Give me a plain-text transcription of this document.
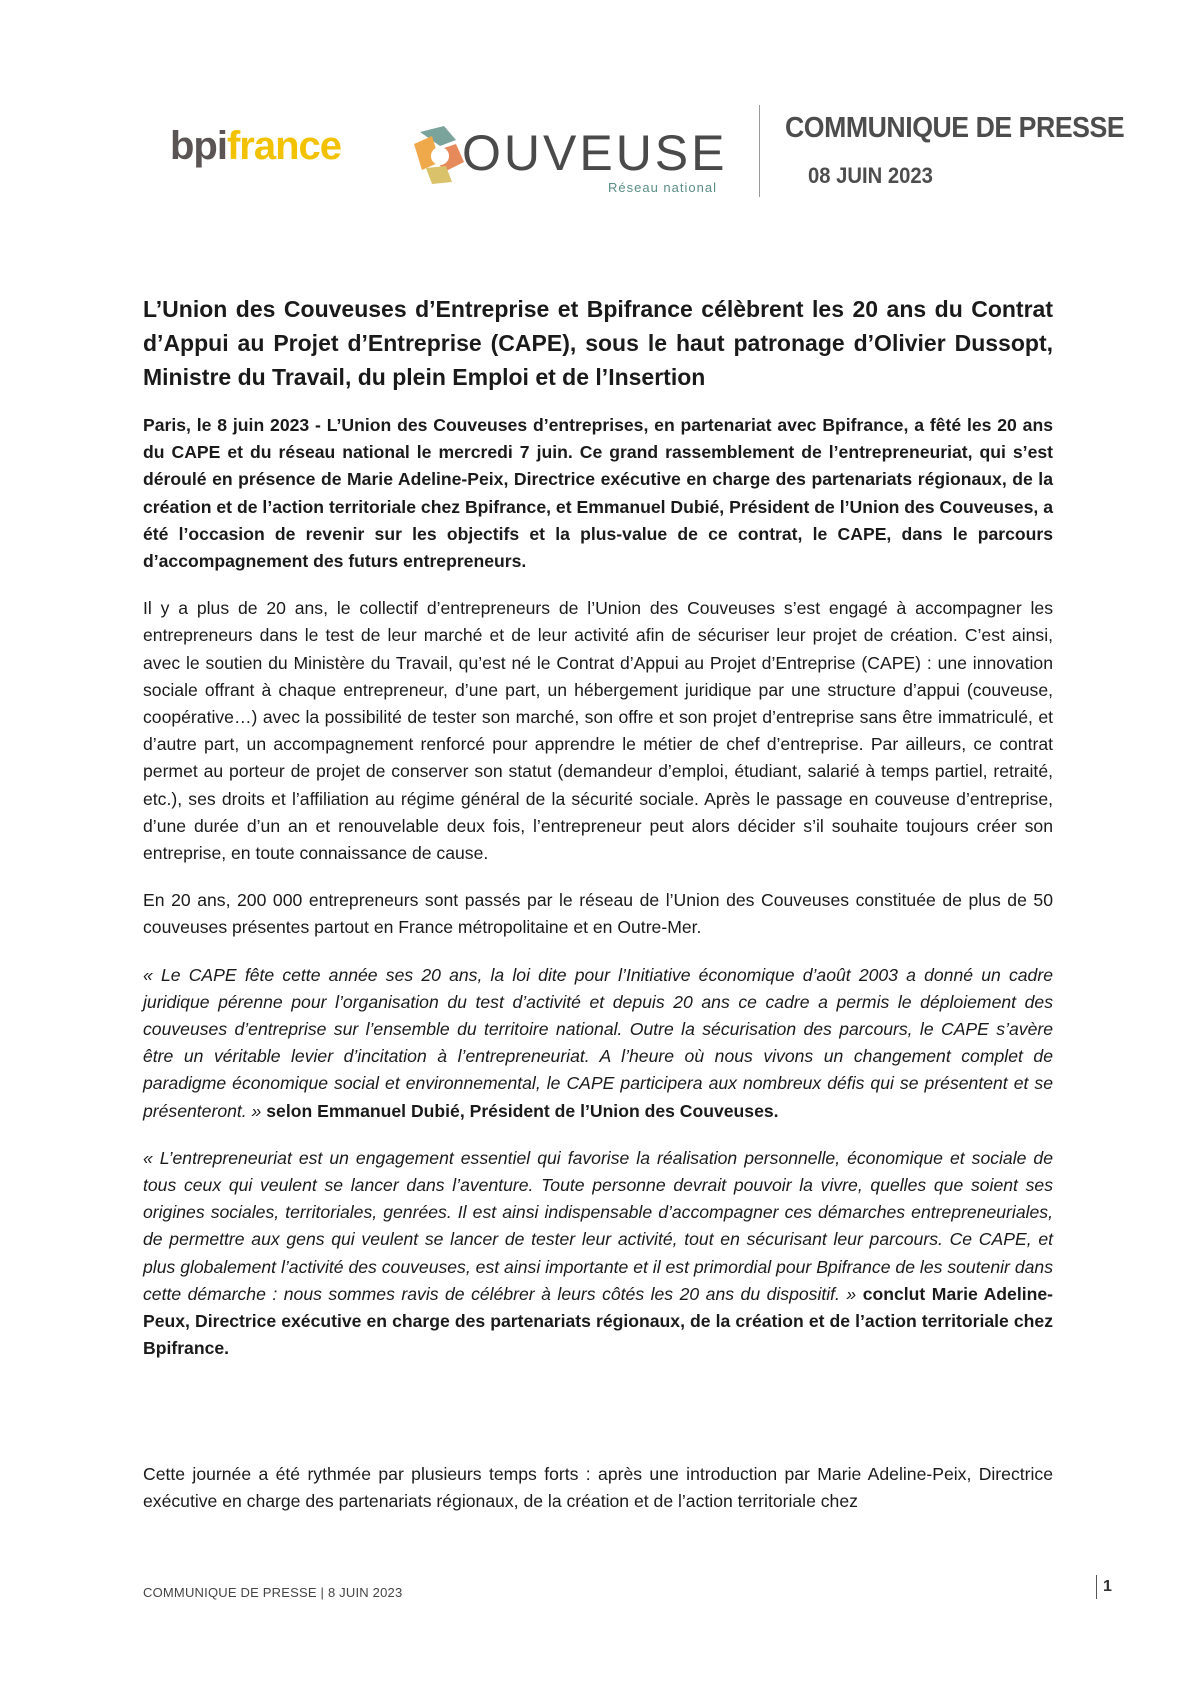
bpifrance OUVEUSE
Réseau national
COMMUNIQUE DE PRESSE
08 JUIN 2023

L’Union des Couveuses d’Entreprise et Bpifrance célèbrent les 20 ans du Contrat d’Appui au Projet d’Entreprise (CAPE), sous le haut patronage d’Olivier Dussopt, Ministre du Travail, du plein Emploi et de l’Insertion

Paris, le 8 juin 2023 - L’Union des Couveuses d’entreprises, en partenariat avec Bpifrance, a fêté les 20 ans du CAPE et du réseau national le mercredi 7 juin. Ce grand rassemblement de l’entrepreneuriat, qui s’est déroulé en présence de Marie Adeline-Peix, Directrice exécutive en charge des partenariats régionaux, de la création et de l’action territoriale chez Bpifrance, et Emmanuel Dubié, Président de l’Union des Couveuses, a été l’occasion de revenir sur les objectifs et la plus-value de ce contrat, le CAPE, dans le parcours d’accompagnement des futurs entrepreneurs.

Il y a plus de 20 ans, le collectif d’entrepreneurs de l’Union des Couveuses s’est engagé à accompagner les entrepreneurs dans le test de leur marché et de leur activité afin de sécuriser leur projet de création. C’est ainsi, avec le soutien du Ministère du Travail, qu’est né le Contrat d’Appui au Projet d’Entreprise (CAPE) : une innovation sociale offrant à chaque entrepreneur, d’une part, un hébergement juridique par une structure d’appui (couveuse, coopérative…) avec la possibilité de tester son marché, son offre et son projet d’entreprise sans être immatriculé, et d’autre part, un accompagnement renforcé pour apprendre le métier de chef d’entreprise. Par ailleurs, ce contrat permet au porteur de projet de conserver son statut (demandeur d’emploi, étudiant, salarié à temps partiel, retraité, etc.), ses droits et l’affiliation au régime général de la sécurité sociale. Après le passage en couveuse d’entreprise, d’une durée d’un an et renouvelable deux fois, l’entrepreneur peut alors décider s’il souhaite toujours créer son entreprise, en toute connaissance de cause.

En 20 ans, 200 000 entrepreneurs sont passés par le réseau de l’Union des Couveuses constituée de plus de 50 couveuses présentes partout en France métropolitaine et en Outre-Mer.

« Le CAPE fête cette année ses 20 ans, la loi dite pour l’Initiative économique d’août 2003 a donné un cadre juridique pérenne pour l’organisation du test d’activité et depuis 20 ans ce cadre a permis le déploiement des couveuses d’entreprise sur l’ensemble du territoire national. Outre la sécurisation des parcours, le CAPE s’avère être un véritable levier d’incitation à l’entrepreneuriat. A l’heure où nous vivons un changement complet de paradigme économique social et environnemental, le CAPE participera aux nombreux défis qui se présentent et se présenteront. » selon Emmanuel Dubié, Président de l’Union des Couveuses.

« L’entrepreneuriat est un engagement essentiel qui favorise la réalisation personnelle, économique et sociale de tous ceux qui veulent se lancer dans l’aventure. Toute personne devrait pouvoir la vivre, quelles que soient ses origines sociales, territoriales, genrées. Il est ainsi indispensable d’accompagner ces démarches entrepreneuriales, de permettre aux gens qui veulent se lancer de tester leur activité, tout en sécurisant leur parcours. Ce CAPE, et plus globalement l’activité des couveuses, est ainsi importante et il est primordial pour Bpifrance de les soutenir dans cette démarche : nous sommes ravis de célébrer à leurs côtés les 20 ans du dispositif. » conclut Marie Adeline-Peux, Directrice exécutive en charge des partenariats régionaux, de la création et de l’action territoriale chez Bpifrance.

Cette journée a été rythmée par plusieurs temps forts : après une introduction par Marie Adeline-Peix, Directrice exécutive en charge des partenariats régionaux, de la création et de l’action territoriale chez
COMMUNIQUE DE PRESSE | 8 JUIN 2023	1
